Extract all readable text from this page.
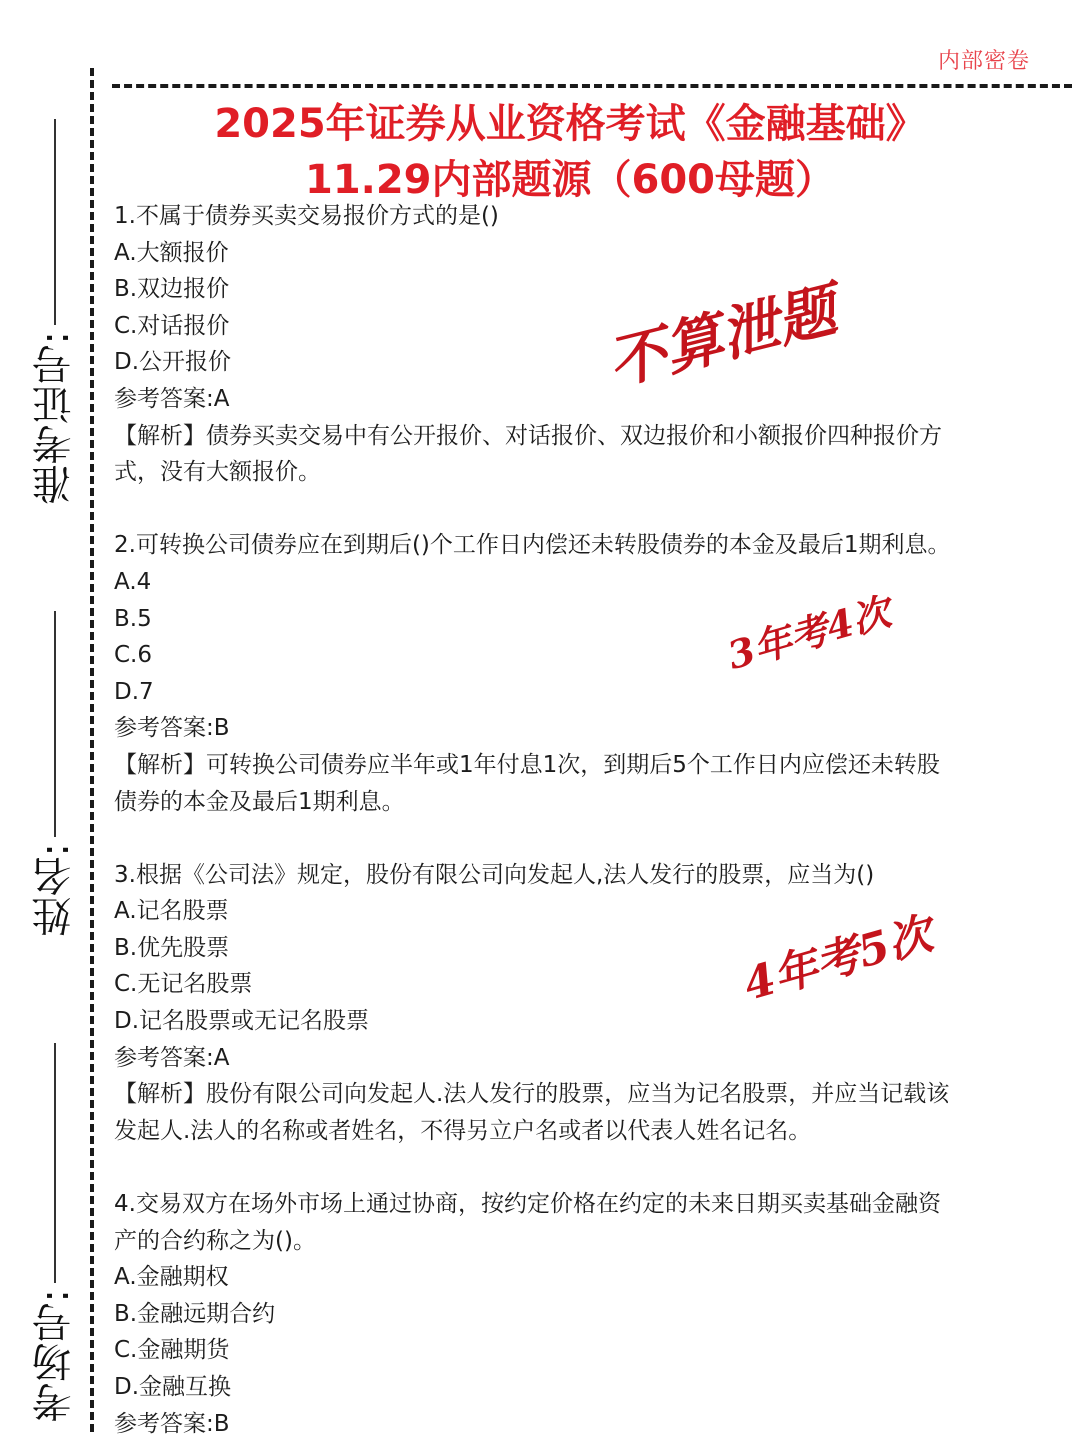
内部密卷
准考证号:
姓名:
考场号:
2025年证券从业资格考试《金融基础》
11.29内部题源（600母题）
1.不属于债券买卖交易报价方式的是()
A.大额报价
B.双边报价
C.对话报价
D.公开报价
参考答案:A
【解析】债券买卖交易中有公开报价、对话报价、双边报价和小额报价四种报价方
式，没有大额报价。
2.可转换公司债券应在到期后()个工作日内偿还未转股债券的本金及最后1期利息。
A.4
B.5
C.6
D.7
参考答案:B
【解析】可转换公司债券应半年或1年付息1次，到期后5个工作日内应偿还未转股
债券的本金及最后1期利息。
3.根据《公司法》规定，股份有限公司向发起人,法人发行的股票，应当为()
A.记名股票
B.优先股票
C.无记名股票
D.记名股票或无记名股票
参考答案:A
【解析】股份有限公司向发起人.法人发行的股票，应当为记名股票，并应当记载该
发起人.法人的名称或者姓名，不得另立户名或者以代表人姓名记名。
4.交易双方在场外市场上通过协商，按约定价格在约定的未来日期买卖基础金融资
产的合约称之为()。
A.金融期权
B.金融远期合约
C.金融期货
D.金融互换
参考答案:B
不算泄题
3年考4次
4年考5次
